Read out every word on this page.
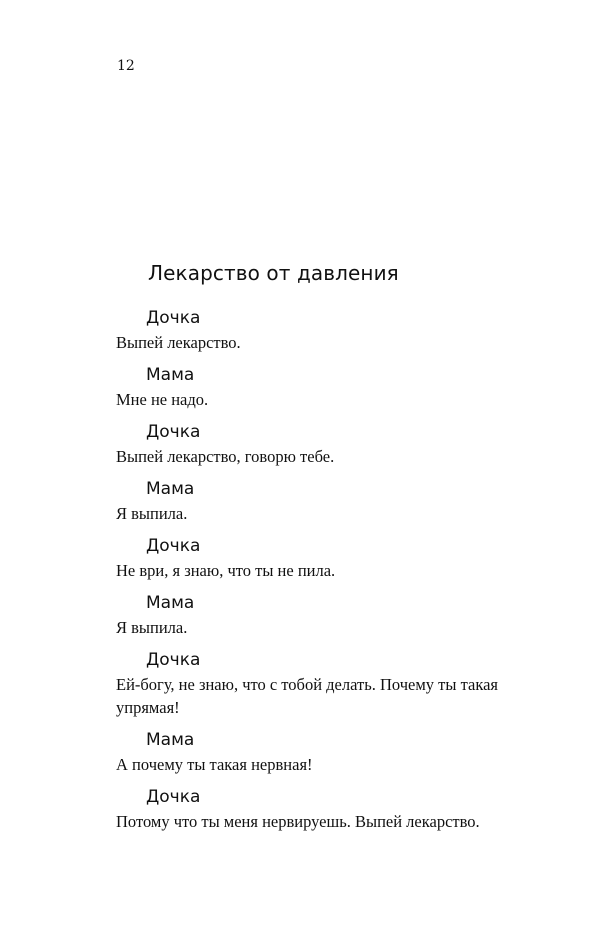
12
Лекарство от давления
Дочка
Выпей лекарство.
Мама
Мне не надо.
Дочка
Выпей лекарство, говорю тебе.
Мама
Я выпила.
Дочка
Не ври, я знаю, что ты не пила.
Мама
Я выпила.
Дочка
Ей-богу, не знаю, что с тобой делать. Почему ты такая упрямая!
Мама
А почему ты такая нервная!
Дочка
Потому что ты меня нервируешь. Выпей лекарство.
